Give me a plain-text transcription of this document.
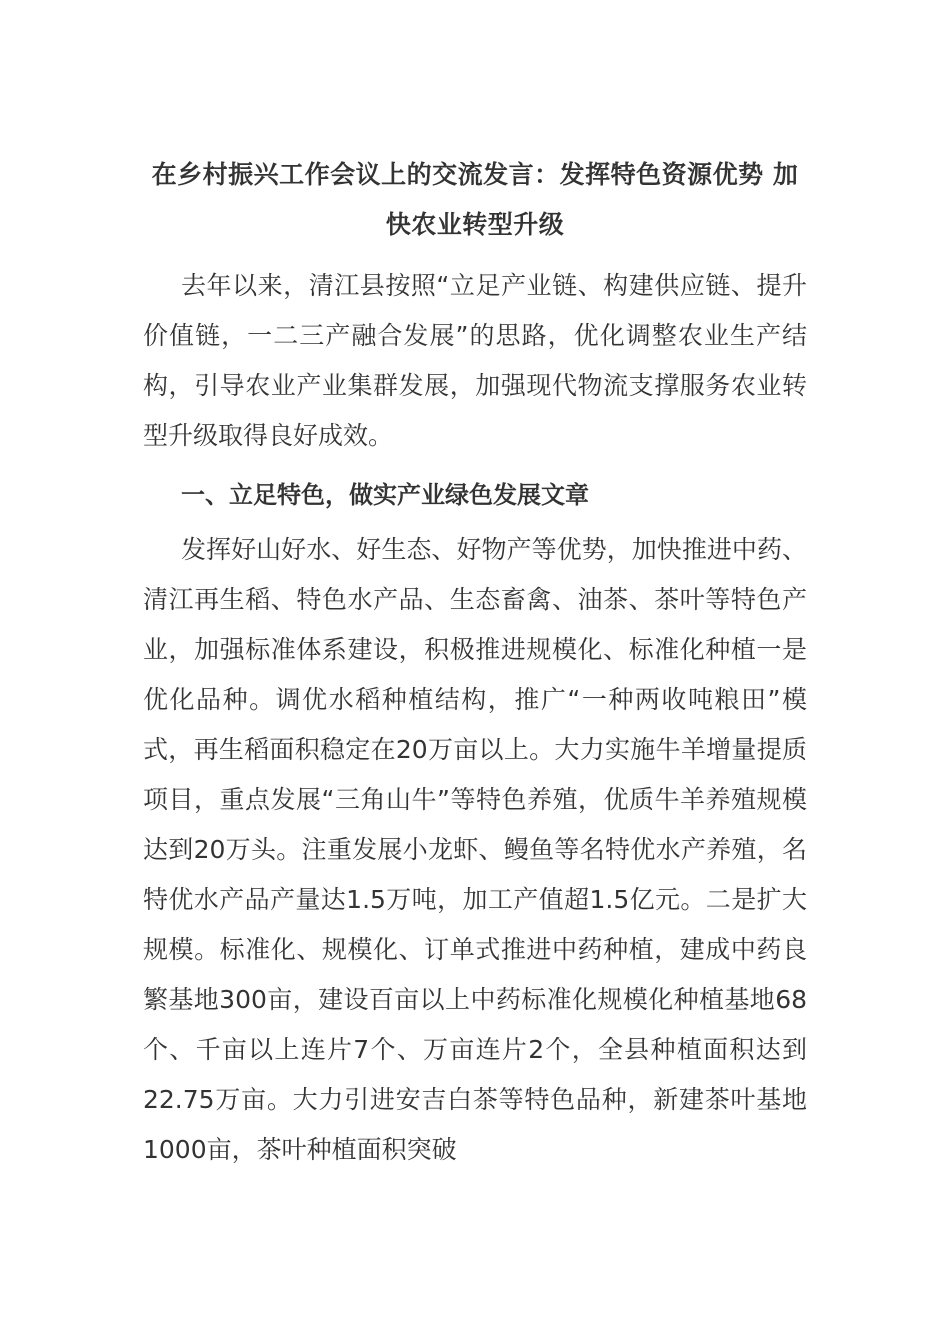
在乡村振兴工作会议上的交流发言：发挥特色资源优势 加快农业转型升级

去年以来，清江县按照“立足产业链、构建供应链、提升价值链，一二三产融合发展”的思路，优化调整农业生产结构，引导农业产业集群发展，加强现代物流支撑服务农业转型升级取得良好成效。

一、立足特色，做实产业绿色发展文章

发挥好山好水、好生态、好物产等优势，加快推进中药、清江再生稻、特色水产品、生态畜禽、油茶、茶叶等特色产业，加强标准体系建设，积极推进规模化、标准化种植一是优化品种。调优水稻种植结构，推广“一种两收吨粮田”模式，再生稻面积稳定在20万亩以上。大力实施牛羊增量提质项目，重点发展“三角山牛”等特色养殖，优质牛羊养殖规模达到20万头。注重发展小龙虾、鳗鱼等名特优水产养殖，名特优水产品产量达1.5万吨，加工产值超1.5亿元。二是扩大规模。标准化、规模化、订单式推进中药种植，建成中药良繁基地300亩，建设百亩以上中药标准化规模化种植基地68个、千亩以上连片7个、万亩连片2个，全县种植面积达到22.75万亩。大力引进安吉白茶等特色品种，新建茶叶基地1000亩，茶叶种植面积突破
